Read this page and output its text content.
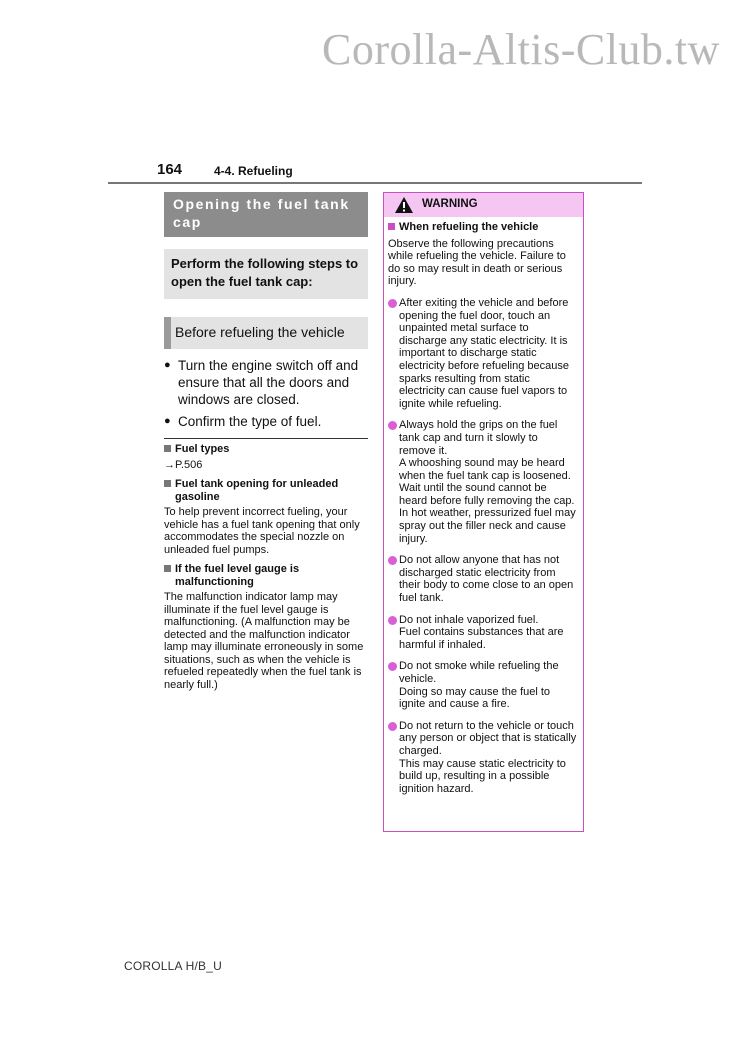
Corolla-Altis-Club.tw
164	4-4. Refueling
Opening the fuel tank cap
Perform the following steps to open the fuel tank cap:
Before refueling the vehicle
● Turn the engine switch off and ensure that all the doors and windows are closed.
● Confirm the type of fuel.
Fuel types
→P.506
Fuel tank opening for unleaded gasoline
To help prevent incorrect fueling, your vehicle has a fuel tank opening that only accommodates the special nozzle on unleaded fuel pumps.
If the fuel level gauge is malfunctioning
The malfunction indicator lamp may illuminate if the fuel level gauge is malfunctioning. (A malfunction may be detected and the malfunction indicator lamp may illuminate erroneously in some situations, such as when the vehicle is refueled repeatedly when the fuel tank is nearly full.)
WARNING
When refueling the vehicle
Observe the following precautions while refueling the vehicle. Failure to do so may result in death or serious injury.

After exiting the vehicle and before opening the fuel door, touch an unpainted metal surface to discharge any static electricity. It is important to discharge static electricity before refueling because sparks resulting from static electricity can cause fuel vapors to ignite while refueling.

Always hold the grips on the fuel tank cap and turn it slowly to remove it.

A whooshing sound may be heard when the fuel tank cap is loosened. Wait until the sound cannot be heard before fully removing the cap. In hot weather, pressurized fuel may spray out the filler neck and cause injury.

Do not allow anyone that has not discharged static electricity from their body to come close to an open fuel tank.

Do not inhale vaporized fuel.

Fuel contains substances that are harmful if inhaled.

Do not smoke while refueling the vehicle.

Doing so may cause the fuel to ignite and cause a fire.

Do not return to the vehicle or touch any person or object that is statically charged.

This may cause static electricity to build up, resulting in a possible ignition hazard.

COROLLA H/B_U
